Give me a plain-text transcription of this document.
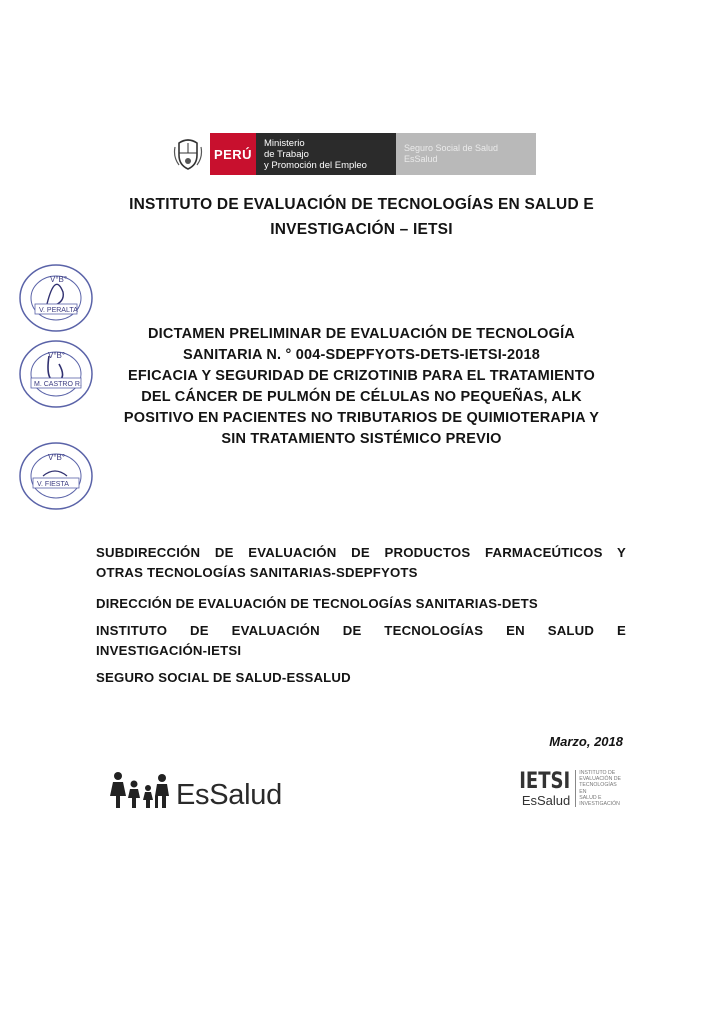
PERÚ
Ministerio
de Trabajo
y Promoción del Empleo
Seguro Social de Salud
EsSalud
INSTITUTO DE EVALUACIÓN DE TECNOLOGÍAS EN SALUD E
INVESTIGACIÓN – IETSI
V°B°
V. PERALTA
V°B°
M. CASTRO R.
V°B°
V. FIESTA
DICTAMEN PRELIMINAR DE EVALUACIÓN DE TECNOLOGÍA
SANITARIA N. ° 004-SDEPFYOTS-DETS-IETSI-2018
EFICACIA Y SEGURIDAD DE CRIZOTINIB PARA EL TRATAMIENTO
DEL CÁNCER DE PULMÓN DE CÉLULAS NO PEQUEÑAS, ALK
POSITIVO EN PACIENTES NO TRIBUTARIOS DE QUIMIOTERAPIA Y
SIN TRATAMIENTO SISTÉMICO PREVIO
SUBDIRECCIÓN DE EVALUACIÓN DE PRODUCTOS FARMACEÚTICOS Y
OTRAS TECNOLOGÍAS SANITARIAS-SDEPFYOTS
DIRECCIÓN DE EVALUACIÓN DE TECNOLOGÍAS SANITARIAS-DETS
INSTITUTO DE EVALUACIÓN DE TECNOLOGÍAS EN SALUD E
INVESTIGACIÓN-IETSI
SEGURO SOCIAL DE SALUD-ESSALUD
Marzo, 2018
EsSalud	IETSI
EsSalud
INSTITUTO DE
EVALUACIÓN DE
TECNOLOGÍAS EN
SALUD E
INVESTIGACIÓN
